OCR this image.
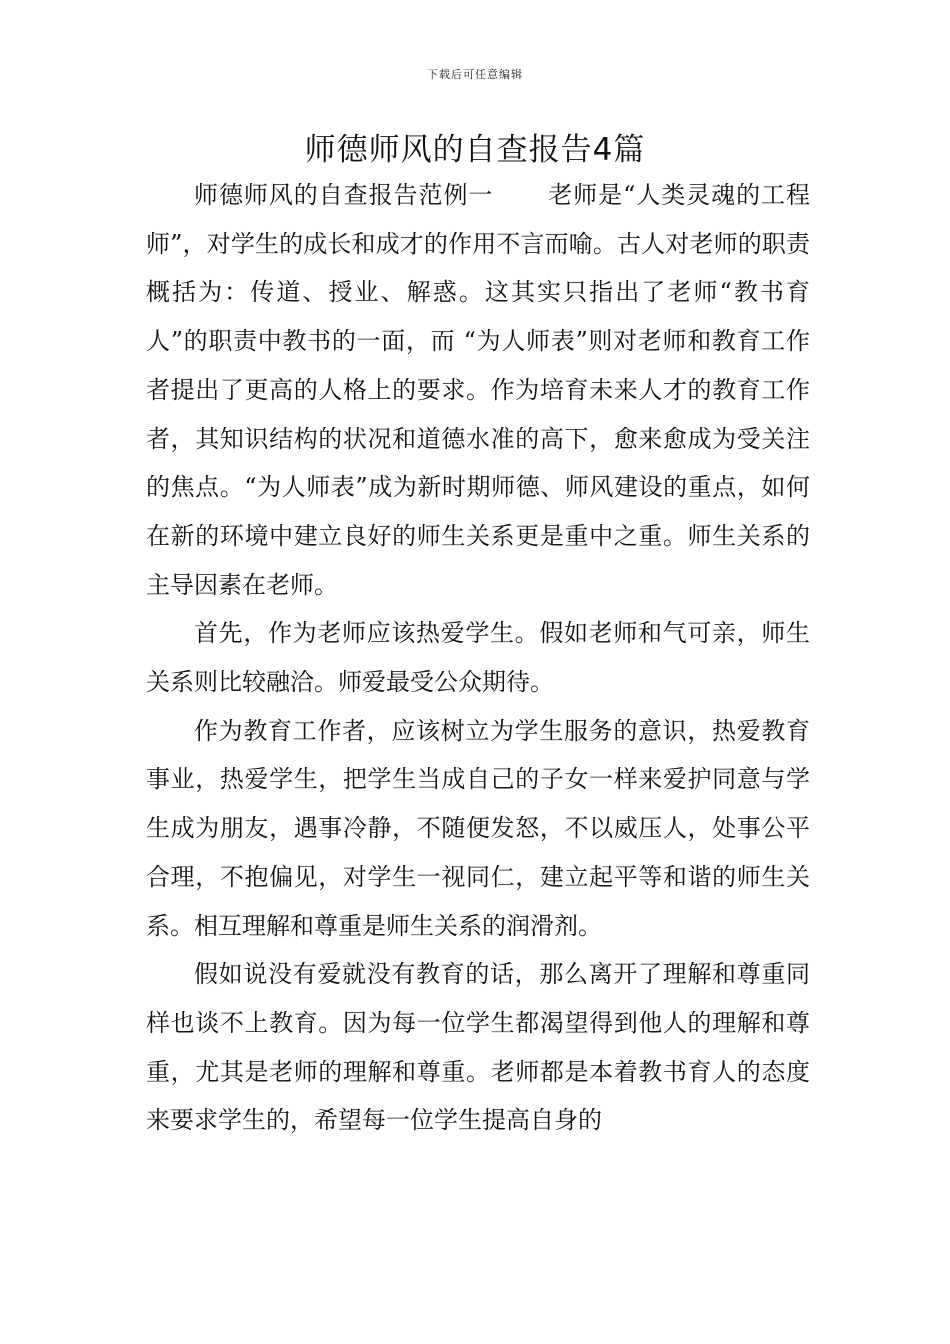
下载后可任意编辑
师德师风的自查报告4篇

师德师风的自查报告范例一 老师是“人类灵魂的工程师”，对学生的成长和成才的作用不言而喻。古人对老师的职责概括为：传道、授业、解惑。这其实只指出了老师“教书育人”的职责中教书的一面，而 “为人师表”则对老师和教育工作者提出了更高的人格上的要求。作为培育未来人才的教育工作者，其知识结构的状况和道德水准的高下，愈来愈成为受关注的焦点。“为人师表”成为新时期师德、师风建设的重点，如何在新的环境中建立良好的师生关系更是重中之重。师生关系的主导因素在老师。

首先，作为老师应该热爱学生。假如老师和气可亲，师生关系则比较融洽。师爱最受公众期待。

作为教育工作者，应该树立为学生服务的意识，热爱教育事业，热爱学生，把学生当成自己的子女一样来爱护同意与学生成为朋友，遇事冷静，不随便发怒，不以威压人，处事公平合理，不抱偏见，对学生一视同仁，建立起平等和谐的师生关系。相互理解和尊重是师生关系的润滑剂。

假如说没有爱就没有教育的话，那么离开了理解和尊重同样也谈不上教育。因为每一位学生都渴望得到他人的理解和尊重，尤其是老师的理解和尊重。老师都是本着教书育人的态度来要求学生的，希望每一位学生提高自身的
